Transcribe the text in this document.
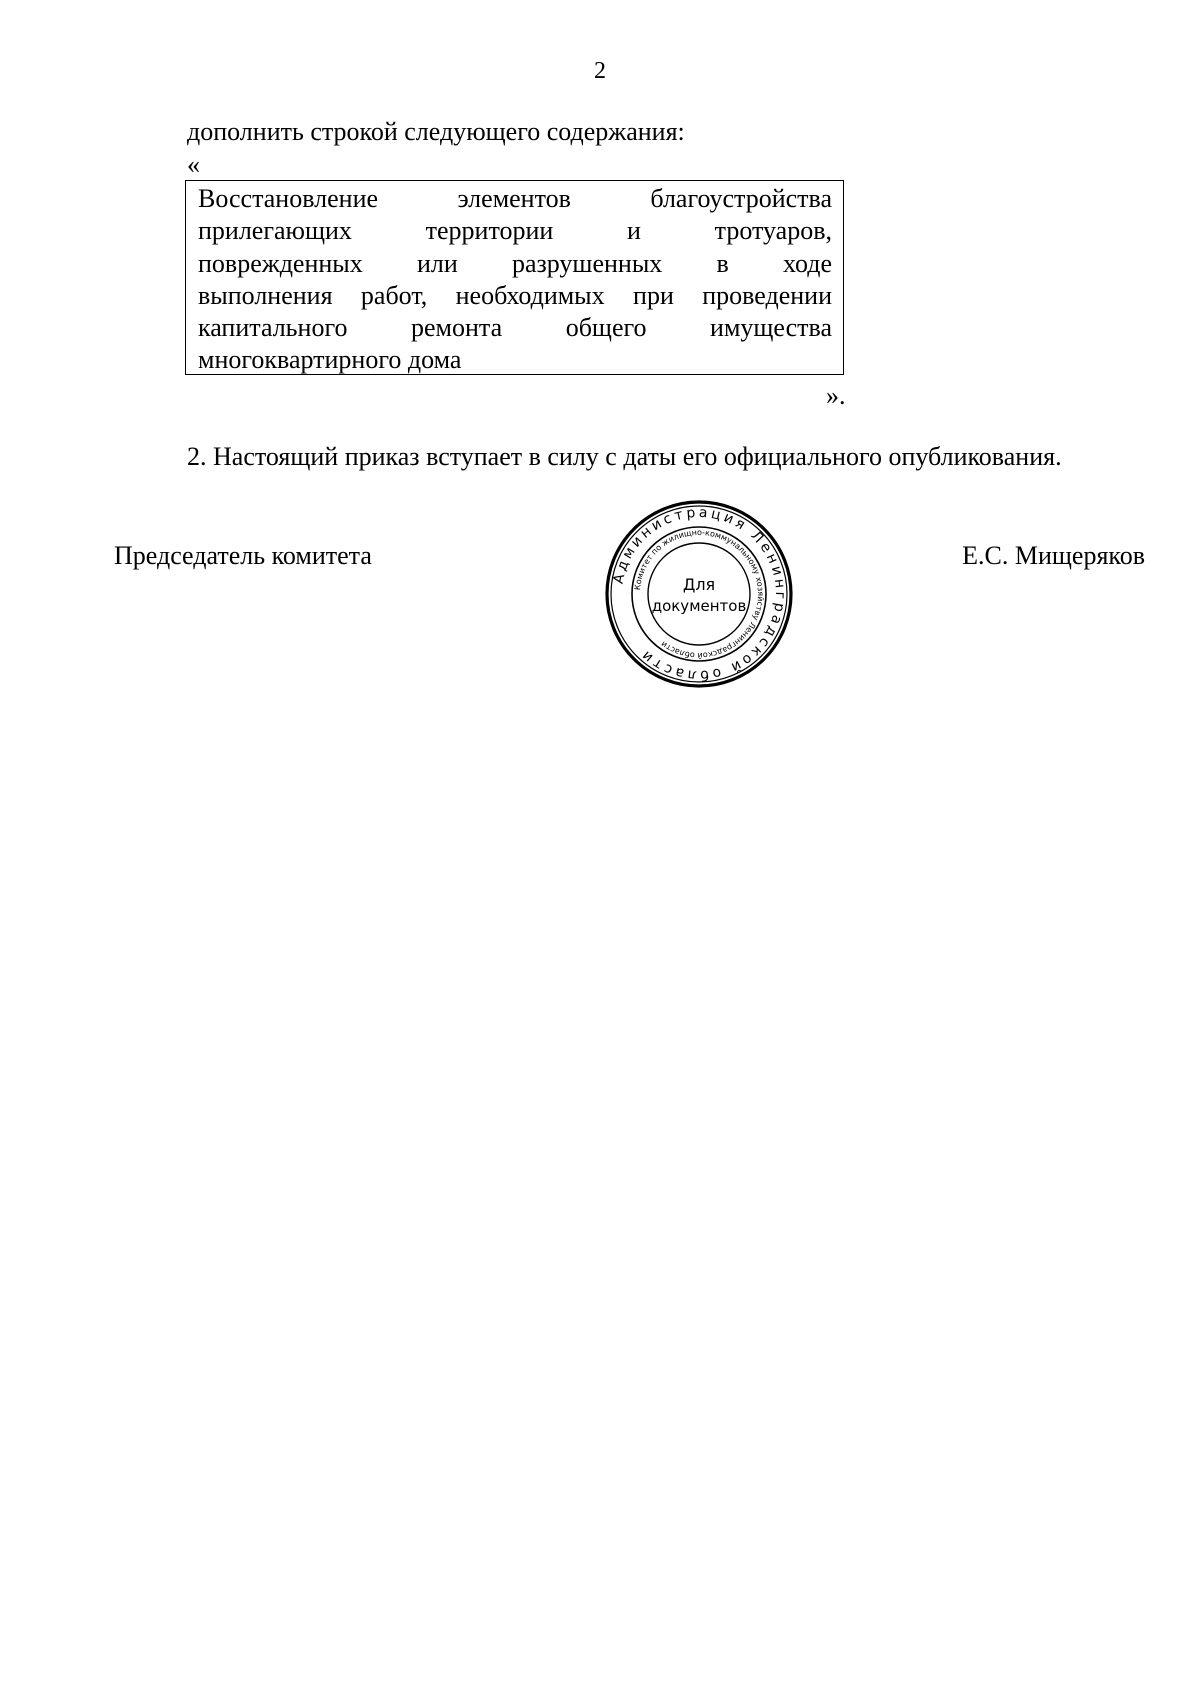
2
дополнить строкой следующего содержания:
«
Восстановление элементов благоустройства
прилегающих территории и тротуаров,
поврежденных или разрушенных в ходе
выполнения работ, необходимых при проведении
капитального ремонта общего имущества
многоквартирного дома
».
2. Настоящий приказ вступает в силу с даты его официального опубликования.
Председатель комитета	Е.С. Мищеряков
Администрация Ленинградской области
Комитет по жилищно-коммунальному хозяйству Ленинградской области
Для
документов
